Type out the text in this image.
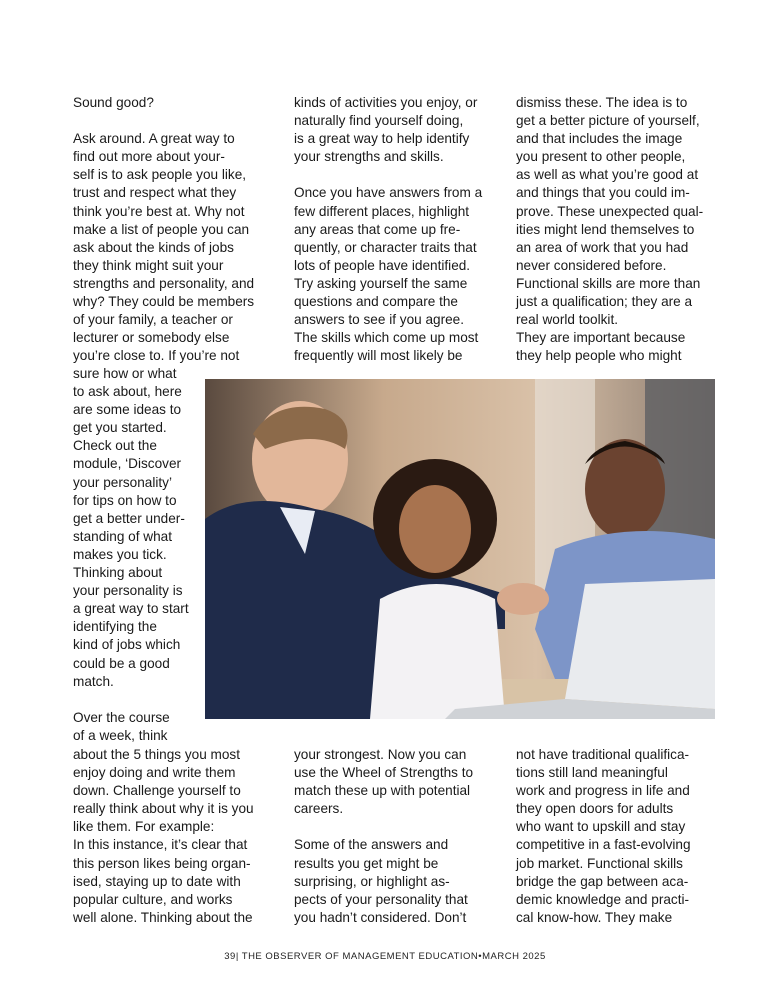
Sound good?

Ask around. A great way to
find out more about your-
self is to ask people you like,
trust and respect what they
think you’re best at. Why not
make a list of people you can
ask about the kinds of jobs
they think might suit your
strengths and personality, and
why? They could be members
of your family, a teacher or
lecturer or somebody else
you’re close to. If you’re not

sure how or what
to ask about, here
are some ideas to
get you started.
Check out the
module, ‘Discover
your personality’
for tips on how to
get a better under-
standing of what
makes you tick.
Thinking about
your personality is
a great way to start
identifying the
kind of jobs which
could be a good
match.

Over the course
of a week, think

about the 5 things you most
enjoy doing and write them
down. Challenge yourself to
really think about why it is you
like them. For example:
In this instance, it’s clear that
this person likes being organ-
ised, staying up to date with
popular culture, and works
well alone. Thinking about the

kinds of activities you enjoy, or
naturally find yourself doing,
is a great way to help identify
your strengths and skills.

Once you have answers from a
few different places, highlight
any areas that come up fre-
quently, or character traits that
lots of people have identified.
Try asking yourself the same
questions and compare the
answers to see if you agree.
The skills which come up most
frequently will most likely be

your strongest. Now you can
use the Wheel of Strengths to
match these up with potential
careers.

Some of the answers and
results you get might be
surprising, or highlight as-
pects of your personality that
you hadn’t considered. Don’t

dismiss these. The idea is to
get a better picture of yourself,
and that includes the image
you present to other people,
as well as what you’re good at
and things that you could im-
prove. These unexpected qual-
ities might lend themselves to
an area of work that you had
never considered before.
Functional skills are more than
just a qualification; they are a
real world toolkit.
They are important because
they help people who might

not have traditional qualifica-
tions still land meaningful
work and progress in life and
they open doors for adults
who want to upskill and stay
competitive in a fast-evolving
job market. Functional skills
bridge the gap between aca-
demic knowledge and practi-
cal know-how. They make

39| THE OBSERVER OF MANAGEMENT EDUCATION•MARCH 2025
